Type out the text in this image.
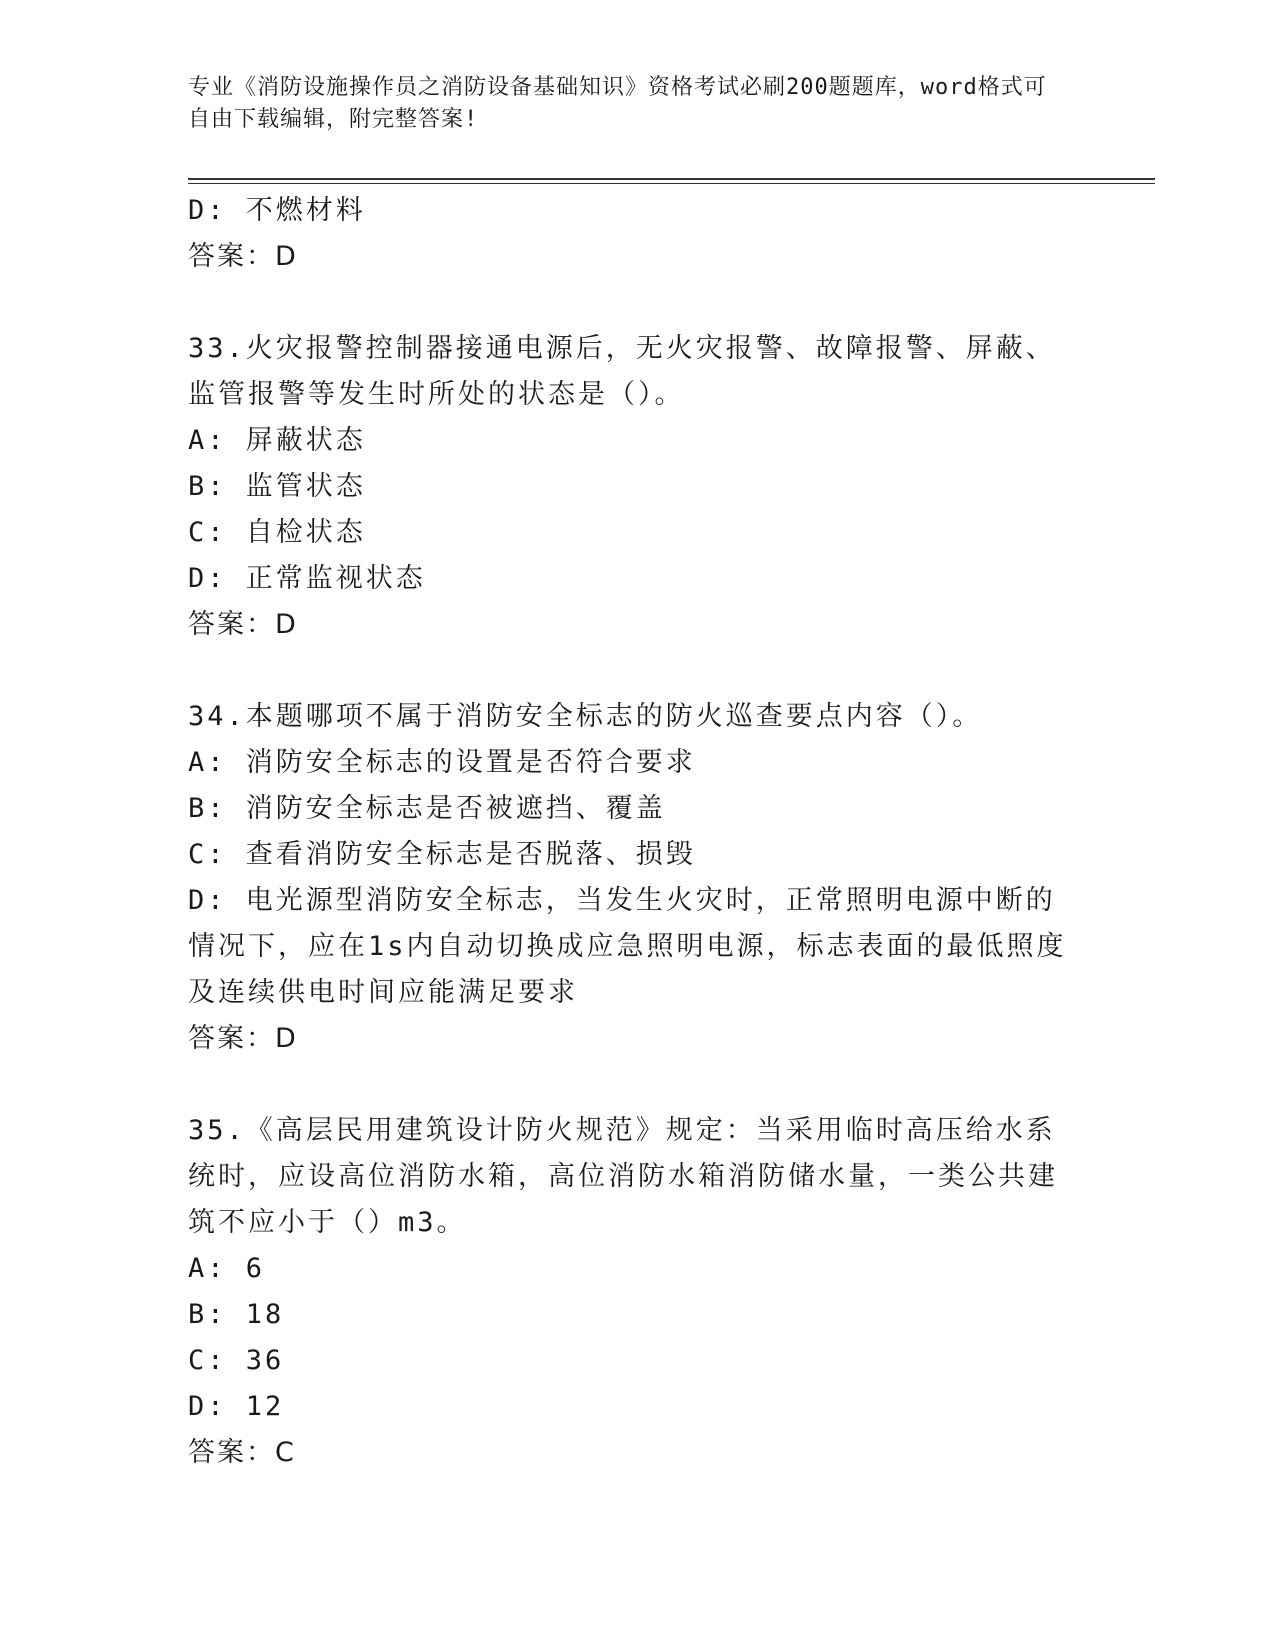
专业《消防设施操作员之消防设备基础知识》资格考试必刷200题题库，word格式可自由下载编辑，附完整答案!

D: 不燃材料

答案：D

33.火灾报警控制器接通电源后，无火灾报警、故障报警、屏蔽、监管报警等发生时所处的状态是（）。

A: 屏蔽状态

B: 监管状态

C: 自检状态

D: 正常监视状态

答案：D

34.本题哪项不属于消防安全标志的防火巡查要点内容（）。

A: 消防安全标志的设置是否符合要求

B: 消防安全标志是否被遮挡、覆盖

C: 查看消防安全标志是否脱落、损毁

D: 电光源型消防安全标志，当发生火灾时，正常照明电源中断的情况下，应在1s内自动切换成应急照明电源，标志表面的最低照度及连续供电时间应能满足要求

答案：D

35.《高层民用建筑设计防火规范》规定：当采用临时高压给水系统时，应设高位消防水箱，高位消防水箱消防储水量，一类公共建筑不应小于（）m3。

A: 6

B: 18

C: 36

D: 12

答案：C
